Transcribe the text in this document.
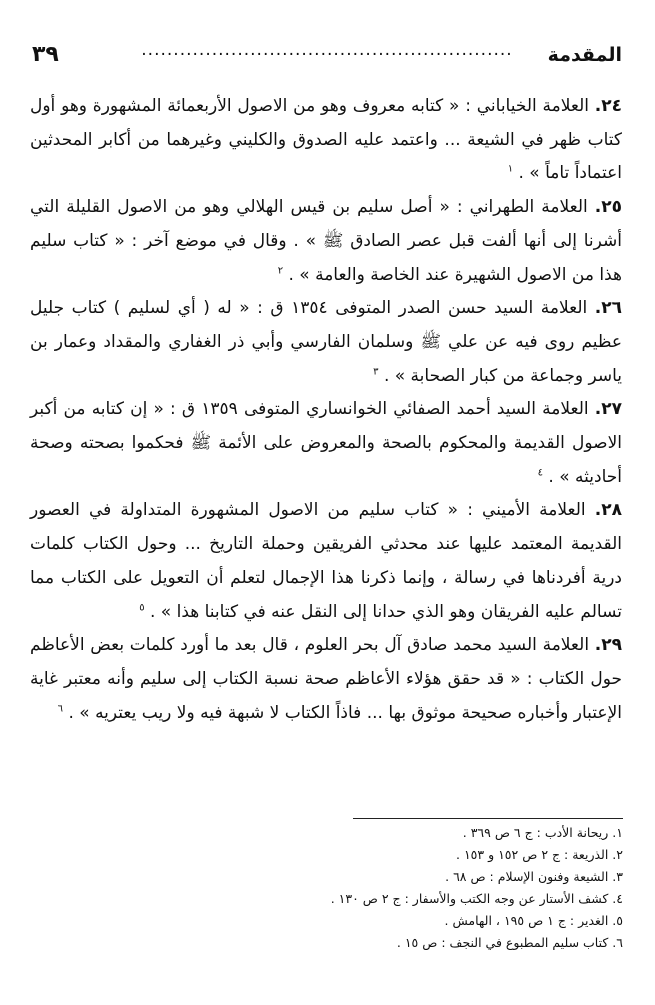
المقدمة
..........................................................
٣٩

٢٤. العلامة الخياباني : « كتابه معروف وهو من الاصول الأربعمائة المشهورة وهو أول كتاب ظهر في الشيعة ... واعتمد عليه الصدوق والكليني وغيرهما من أكابر المحدثين اعتماداً تاماً » . $^١$

٢٥. العلامة الطهراني : « أصل سليم بن قيس الهلالي وهو من الاصول القليلة التي أشرنا إلى أنها ألفت قبل عصر الصادق ﷺ » . وقال في موضع آخر : « كتاب سليم هذا من الاصول الشهيرة عند الخاصة والعامة » . $^٢$

٢٦. العلامة السيد حسن الصدر المتوفى ١٣٥٤ ق : « له ( أي لسليم ) كتاب جليل عظيم روى فيه عن علي ﷺ وسلمان الفارسي وأبي ذر الغفاري والمقداد وعمار بن ياسر وجماعة من كبار الصحابة » . $^٣$

٢٧. العلامة السيد أحمد الصفائي الخوانساري المتوفى ١٣٥٩ ق : « إن كتابه من أكبر الاصول القديمة والمحكوم بالصحة والمعروض على الأئمة ﷺ فحكموا بصحته وصحة أحاديثه » . $^٤$

٢٨. العلامة الأميني : « كتاب سليم من الاصول المشهورة المتداولة في العصور القديمة المعتمد عليها عند محدثي الفريقين وحملة التاريخ ... وحول الكتاب كلمات درية أفردناها في رسالة ، وإنما ذكرنا هذا الإجمال لتعلم أن التعويل على الكتاب مما تسالم عليه الفريقان وهو الذي حدانا إلى النقل عنه في كتابنا هذا » . $^٥$

٢٩. العلامة السيد محمد صادق آل بحر العلوم ، قال بعد ما أورد كلمات بعض الأعاظم حول الكتاب : « قد حقق هؤلاء الأعاظم صحة نسبة الكتاب إلى سليم وأنه معتبر غاية الإعتبار وأخباره صحيحة موثوق بها ... فاذاً الكتاب لا شبهة فيه ولا ريب يعتريه » . $^٦$

١. ريحانة الأدب : ج ٦ ص ٣٦٩ .
٢. الذريعة : ج ٢ ص ١٥٢ و ١٥٣ .
٣. الشيعة وفنون الإسلام : ص ٦٨ .
٤. كشف الأستار عن وجه الكتب والأسفار : ج ٢ ص ١٣٠ .
٥. الغدير : ج ١ ص ١٩٥ ، الهامش .
٦. كتاب سليم المطبوع في النجف : ص ١٥ .
